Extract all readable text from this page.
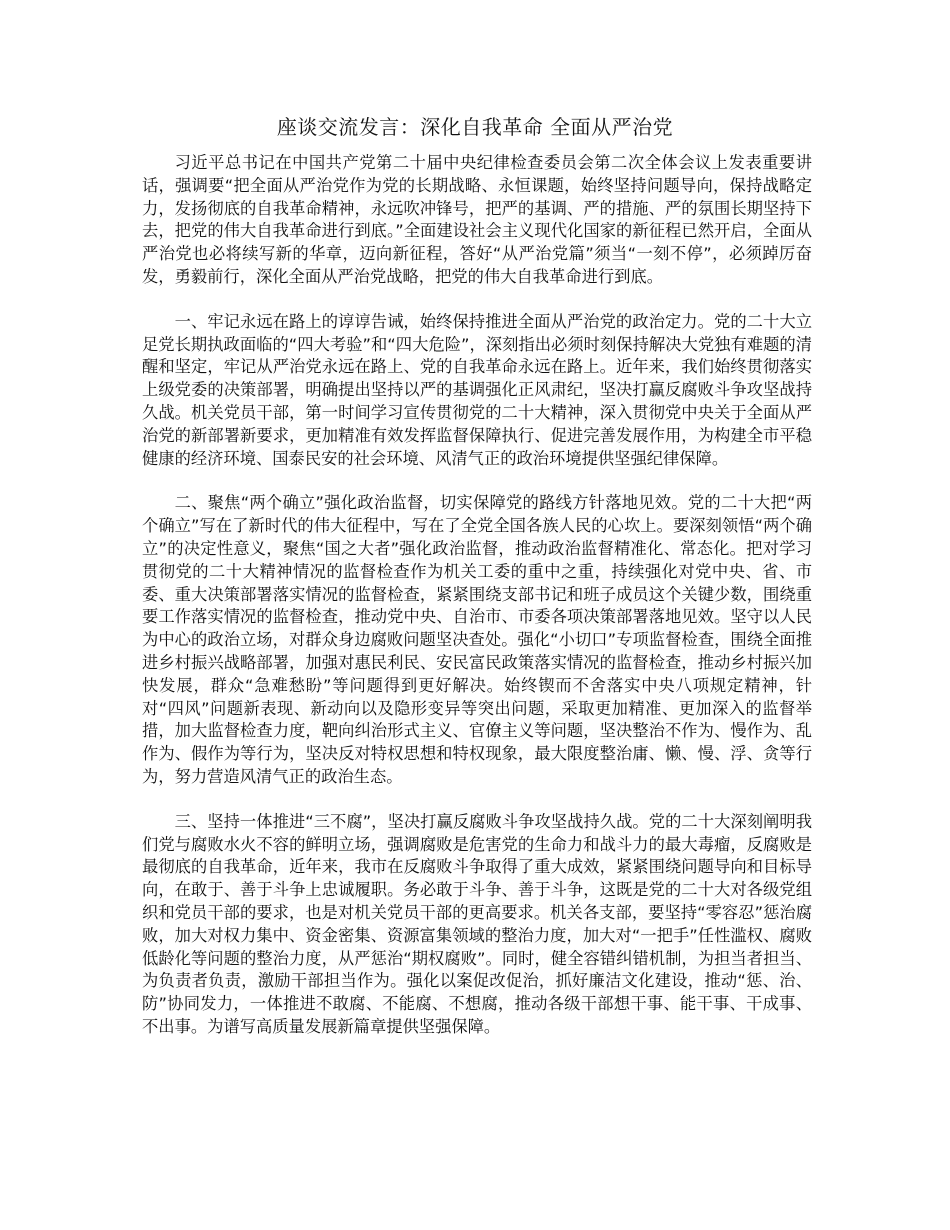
座谈交流发言：深化自我革命 全面从严治党

习近平总书记在中国共产党第二十届中央纪律检查委员会第二次全体会议上发表重要讲话，强调要“把全面从严治党作为党的长期战略、永恒课题，始终坚持问题导向，保持战略定力，发扬彻底的自我革命精神，永远吹冲锋号，把严的基调、严的措施、严的氛围长期坚持下去，把党的伟大自我革命进行到底。”全面建设社会主义现代化国家的新征程已然开启，全面从严治党也必将续写新的华章，迈向新征程，答好“从严治党篇”须当“一刻不停”，必须踔厉奋发，勇毅前行，深化全面从严治党战略，把党的伟大自我革命进行到底。

一、牢记永远在路上的谆谆告诫，始终保持推进全面从严治党的政治定力。党的二十大立足党长期执政面临的“四大考验”和“四大危险”，深刻指出必须时刻保持解决大党独有难题的清醒和坚定，牢记从严治党永远在路上、党的自我革命永远在路上。近年来，我们始终贯彻落实上级党委的决策部署，明确提出坚持以严的基调强化正风肃纪，坚决打赢反腐败斗争攻坚战持久战。机关党员干部，第一时间学习宣传贯彻党的二十大精神，深入贯彻党中央关于全面从严治党的新部署新要求，更加精准有效发挥监督保障执行、促进完善发展作用，为构建全市平稳健康的经济环境、国泰民安的社会环境、风清气正的政治环境提供坚强纪律保障。

二、聚焦“两个确立”强化政治监督，切实保障党的路线方针落地见效。党的二十大把“两个确立”写在了新时代的伟大征程中，写在了全党全国各族人民的心坎上。要深刻领悟“两个确立”的决定性意义，聚焦“国之大者”强化政治监督，推动政治监督精准化、常态化。把对学习贯彻党的二十大精神情况的监督检查作为机关工委的重中之重，持续强化对党中央、省、市委、重大决策部署落实情况的监督检查，紧紧围绕支部书记和班子成员这个关键少数，围绕重要工作落实情况的监督检查，推动党中央、自治市、市委各项决策部署落地见效。坚守以人民为中心的政治立场，对群众身边腐败问题坚决查处。强化“小切口”专项监督检查，围绕全面推进乡村振兴战略部署，加强对惠民利民、安民富民政策落实情况的监督检查，推动乡村振兴加快发展，群众“急难愁盼”等问题得到更好解决。始终锲而不舍落实中央八项规定精神，针对“四风”问题新表现、新动向以及隐形变异等突出问题，采取更加精准、更加深入的监督举措，加大监督检查力度，靶向纠治形式主义、官僚主义等问题，坚决整治不作为、慢作为、乱作为、假作为等行为，坚决反对特权思想和特权现象，最大限度整治庸、懒、慢、浮、贪等行为，努力营造风清气正的政治生态。

三、坚持一体推进“三不腐”，坚决打赢反腐败斗争攻坚战持久战。党的二十大深刻阐明我们党与腐败水火不容的鲜明立场，强调腐败是危害党的生命力和战斗力的最大毒瘤，反腐败是最彻底的自我革命，近年来，我市在反腐败斗争取得了重大成效，紧紧围绕问题导向和目标导向，在敢于、善于斗争上忠诚履职。务必敢于斗争、善于斗争，这既是党的二十大对各级党组织和党员干部的要求，也是对机关党员干部的更高要求。机关各支部，要坚持“零容忍”惩治腐败，加大对权力集中、资金密集、资源富集领域的整治力度，加大对“一把手”任性滥权、腐败低龄化等问题的整治力度，从严惩治“期权腐败”。同时，健全容错纠错机制，为担当者担当、为负责者负责，激励干部担当作为。强化以案促改促治，抓好廉洁文化建设，推动“惩、治、防”协同发力，一体推进不敢腐、不能腐、不想腐，推动各级干部想干事、能干事、干成事、不出事。为谱写高质量发展新篇章提供坚强保障。
